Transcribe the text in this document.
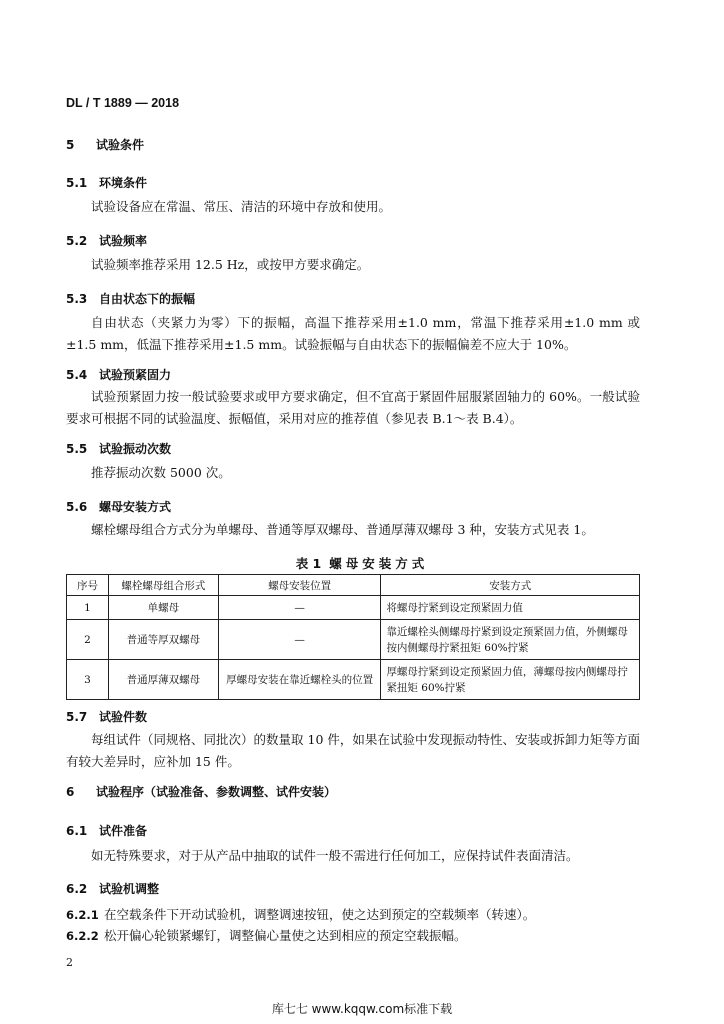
DL / T 1889 — 2018
5 试验条件
5.1 环境条件
试验设备应在常温、常压、清洁的环境中存放和使用。
5.2 试验频率
试验频率推荐采用 12.5 Hz，或按甲方要求确定。
5.3 自由状态下的振幅
自由状态（夹紧力为零）下的振幅，高温下推荐采用±1.0 mm，常温下推荐采用±1.0 mm 或±1.5 mm，低温下推荐采用±1.5 mm。试验振幅与自由状态下的振幅偏差不应大于 10%。
5.4 试验预紧固力
试验预紧固力按一般试验要求或甲方要求确定，但不宜高于紧固件屈服紧固轴力的 60%。一般试验要求可根据不同的试验温度、振幅值，采用对应的推荐值（参见表 B.1～表 B.4）。
5.5 试验振动次数
推荐振动次数 5000 次。
5.6 螺母安装方式
螺栓螺母组合方式分为单螺母、普通等厚双螺母、普通厚薄双螺母 3 种，安装方式见表 1。
表 1 螺母安装方式
序号	螺栓螺母组合形式	螺母安装位置	安装方式
1	单螺母	—	将螺母拧紧到设定预紧固力值
2	普通等厚双螺母	—	靠近螺栓头侧螺母拧紧到设定预紧固力值，外侧螺母按内侧螺母拧紧扭矩 60%拧紧
3	普通厚薄双螺母	厚螺母安装在靠近螺栓头的位置	厚螺母拧紧到设定预紧固力值，薄螺母按内侧螺母拧紧扭矩 60%拧紧
5.7 试验件数
每组试件（同规格、同批次）的数量取 10 件，如果在试验中发现振动特性、安装或拆卸力矩等方面有较大差异时，应补加 15 件。
6 试验程序（试验准备、参数调整、试件安装）
6.1 试件准备
如无特殊要求，对于从产品中抽取的试件一般不需进行任何加工，应保持试件表面清洁。
6.2 试验机调整
6.2.1 在空载条件下开动试验机，调整调速按钮，使之达到预定的空载频率（转速）。
6.2.2 松开偏心轮锁紧螺钉，调整偏心量使之达到相应的预定空载振幅。
2
库七七 www.kqqw.com标准下载
